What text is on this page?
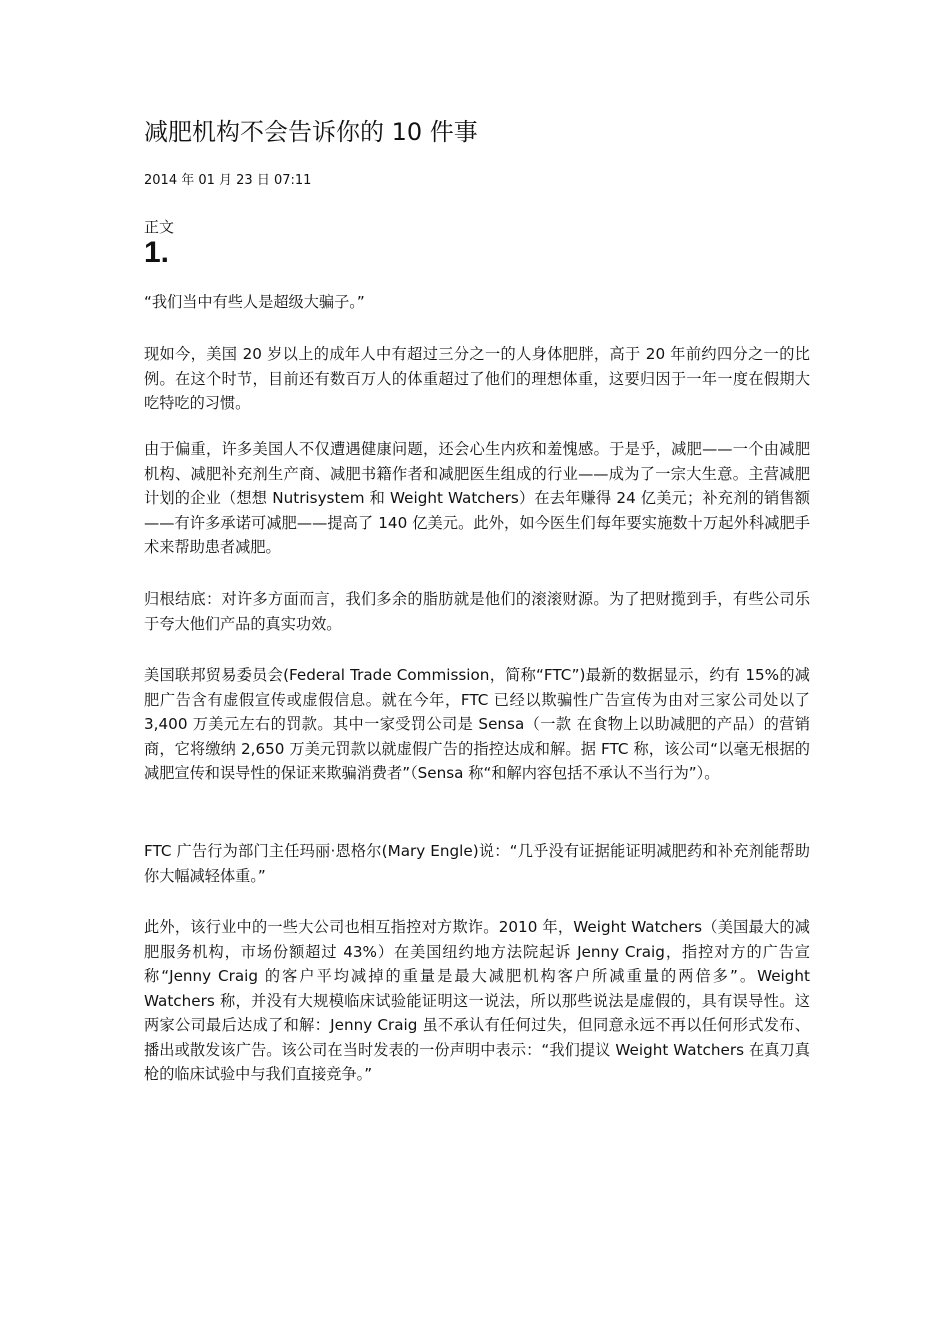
减肥机构不会告诉你的 10 件事
2014 年 01 月 23 日 07:11
正文
1.

“我们当中有些人是超级大骗子。”

现如今，美国 20 岁以上的成年人中有超过三分之一的人身体肥胖，高于 20 年前约四分之一的比例。在这个时节，目前还有数百万人的体重超过了他们的理想体重，这要归因于一年一度在假期大吃特吃的习惯。

由于偏重，许多美国人不仅遭遇健康问题，还会心生内疚和羞愧感。于是乎，减肥——一个由减肥机构、减肥补充剂生产商、减肥书籍作者和减肥医生组成的行业——成为了一宗大生意。主营减肥计划的企业（想想 Nutrisystem 和 Weight Watchers）在去年赚得 24 亿美元；补充剂的销售额——有许多承诺可减肥——提高了 140 亿美元。此外，如今医生们每年要实施数十万起外科减肥手术来帮助患者减肥。

归根结底：对许多方面而言，我们多余的脂肪就是他们的滚滚财源。为了把财揽到手，有些公司乐于夸大他们产品的真实功效。

美国联邦贸易委员会(Federal Trade Commission，简称“FTC”)最新的数据显示，约有 15%的减肥广告含有虚假宣传或虚假信息。就在今年，FTC 已经以欺骗性广告宣传为由对三家公司处以了 3,400 万美元左右的罚款。其中一家受罚公司是 Sensa（一款 在食物上以助减肥的产品）的营销商，它将缴纳 2,650 万美元罚款以就虚假广告的指控达成和解。据 FTC 称，该公司“以毫无根据的减肥宣传和误导性的保证来欺骗消费者”（Sensa 称“和解内容包括不承认不当行为”）。

FTC 广告行为部门主任玛丽·恩格尔(Mary Engle)说：“几乎没有证据能证明减肥药和补充剂能帮助你大幅减轻体重。”

此外，该行业中的一些大公司也相互指控对方欺诈。2010 年，Weight Watchers（美国最大的减肥服务机构，市场份额超过 43%）在美国纽约地方法院起诉 Jenny Craig，指控对方的广告宣称“Jenny Craig 的客户平均减掉的重量是最大减肥机构客户所减重量的两倍多”。Weight Watchers 称，并没有大规模临床试验能证明这一说法，所以那些说法是虚假的，具有误导性。这两家公司最后达成了和解：Jenny Craig 虽不承认有任何过失，但同意永远不再以任何形式发布、播出或散发该广告。该公司在当时发表的一份声明中表示：“我们提议 Weight Watchers 在真刀真枪的临床试验中与我们直接竞争。”
